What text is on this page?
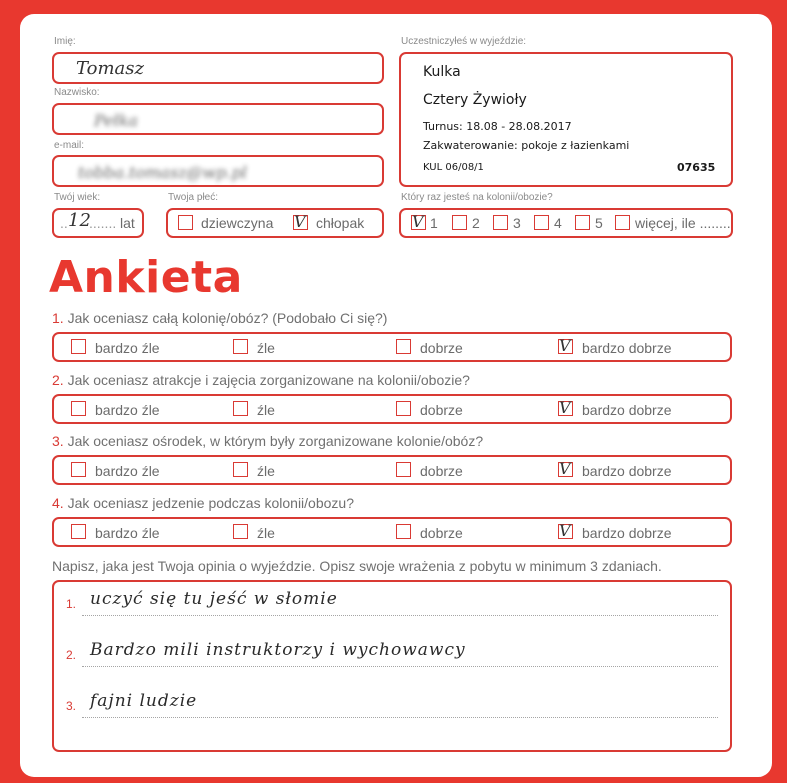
Imię:
Tomasz
Nazwisko:
Pełka
e-mail:
tobba.tomasz@wp.pl
Twój wiek:
.. 12
....... lat
Twoja płeć:
dziewczyna V chłopak
Uczestniczyłeś w wyjeździe:
Kulka
Cztery Żywioły
Turnus: 18.08 - 28.08.2017
Zakwaterowanie: pokoje z łazienkami
KUL 06/08/1	07635
Który raz jesteś na kolonii/obozie?
V 1 2 3 4 5 więcej, ile ........
Ankieta
1. Jak oceniasz całą kolonię/obóz? (Podobało Ci się?)
bardzo źle	źle	dobrze	V bardzo dobrze
2. Jak oceniasz atrakcje i zajęcia zorganizowane na kolonii/obozie?
bardzo źle	źle	dobrze	V bardzo dobrze
3. Jak oceniasz ośrodek, w którym były zorganizowane kolonie/obóz?
bardzo źle	źle	dobrze	V bardzo dobrze
4. Jak oceniasz jedzenie podczas kolonii/obozu?
bardzo źle	źle	dobrze	V bardzo dobrze
Napisz, jaka jest Twoja opinia o wyjeździe. Opisz swoje wrażenia z pobytu w minimum 3 zdaniach.
1. uczyć się tu jeść w słomie
2. Bardzo mili instruktorzy i wychowawcy
3. fajni ludzie
